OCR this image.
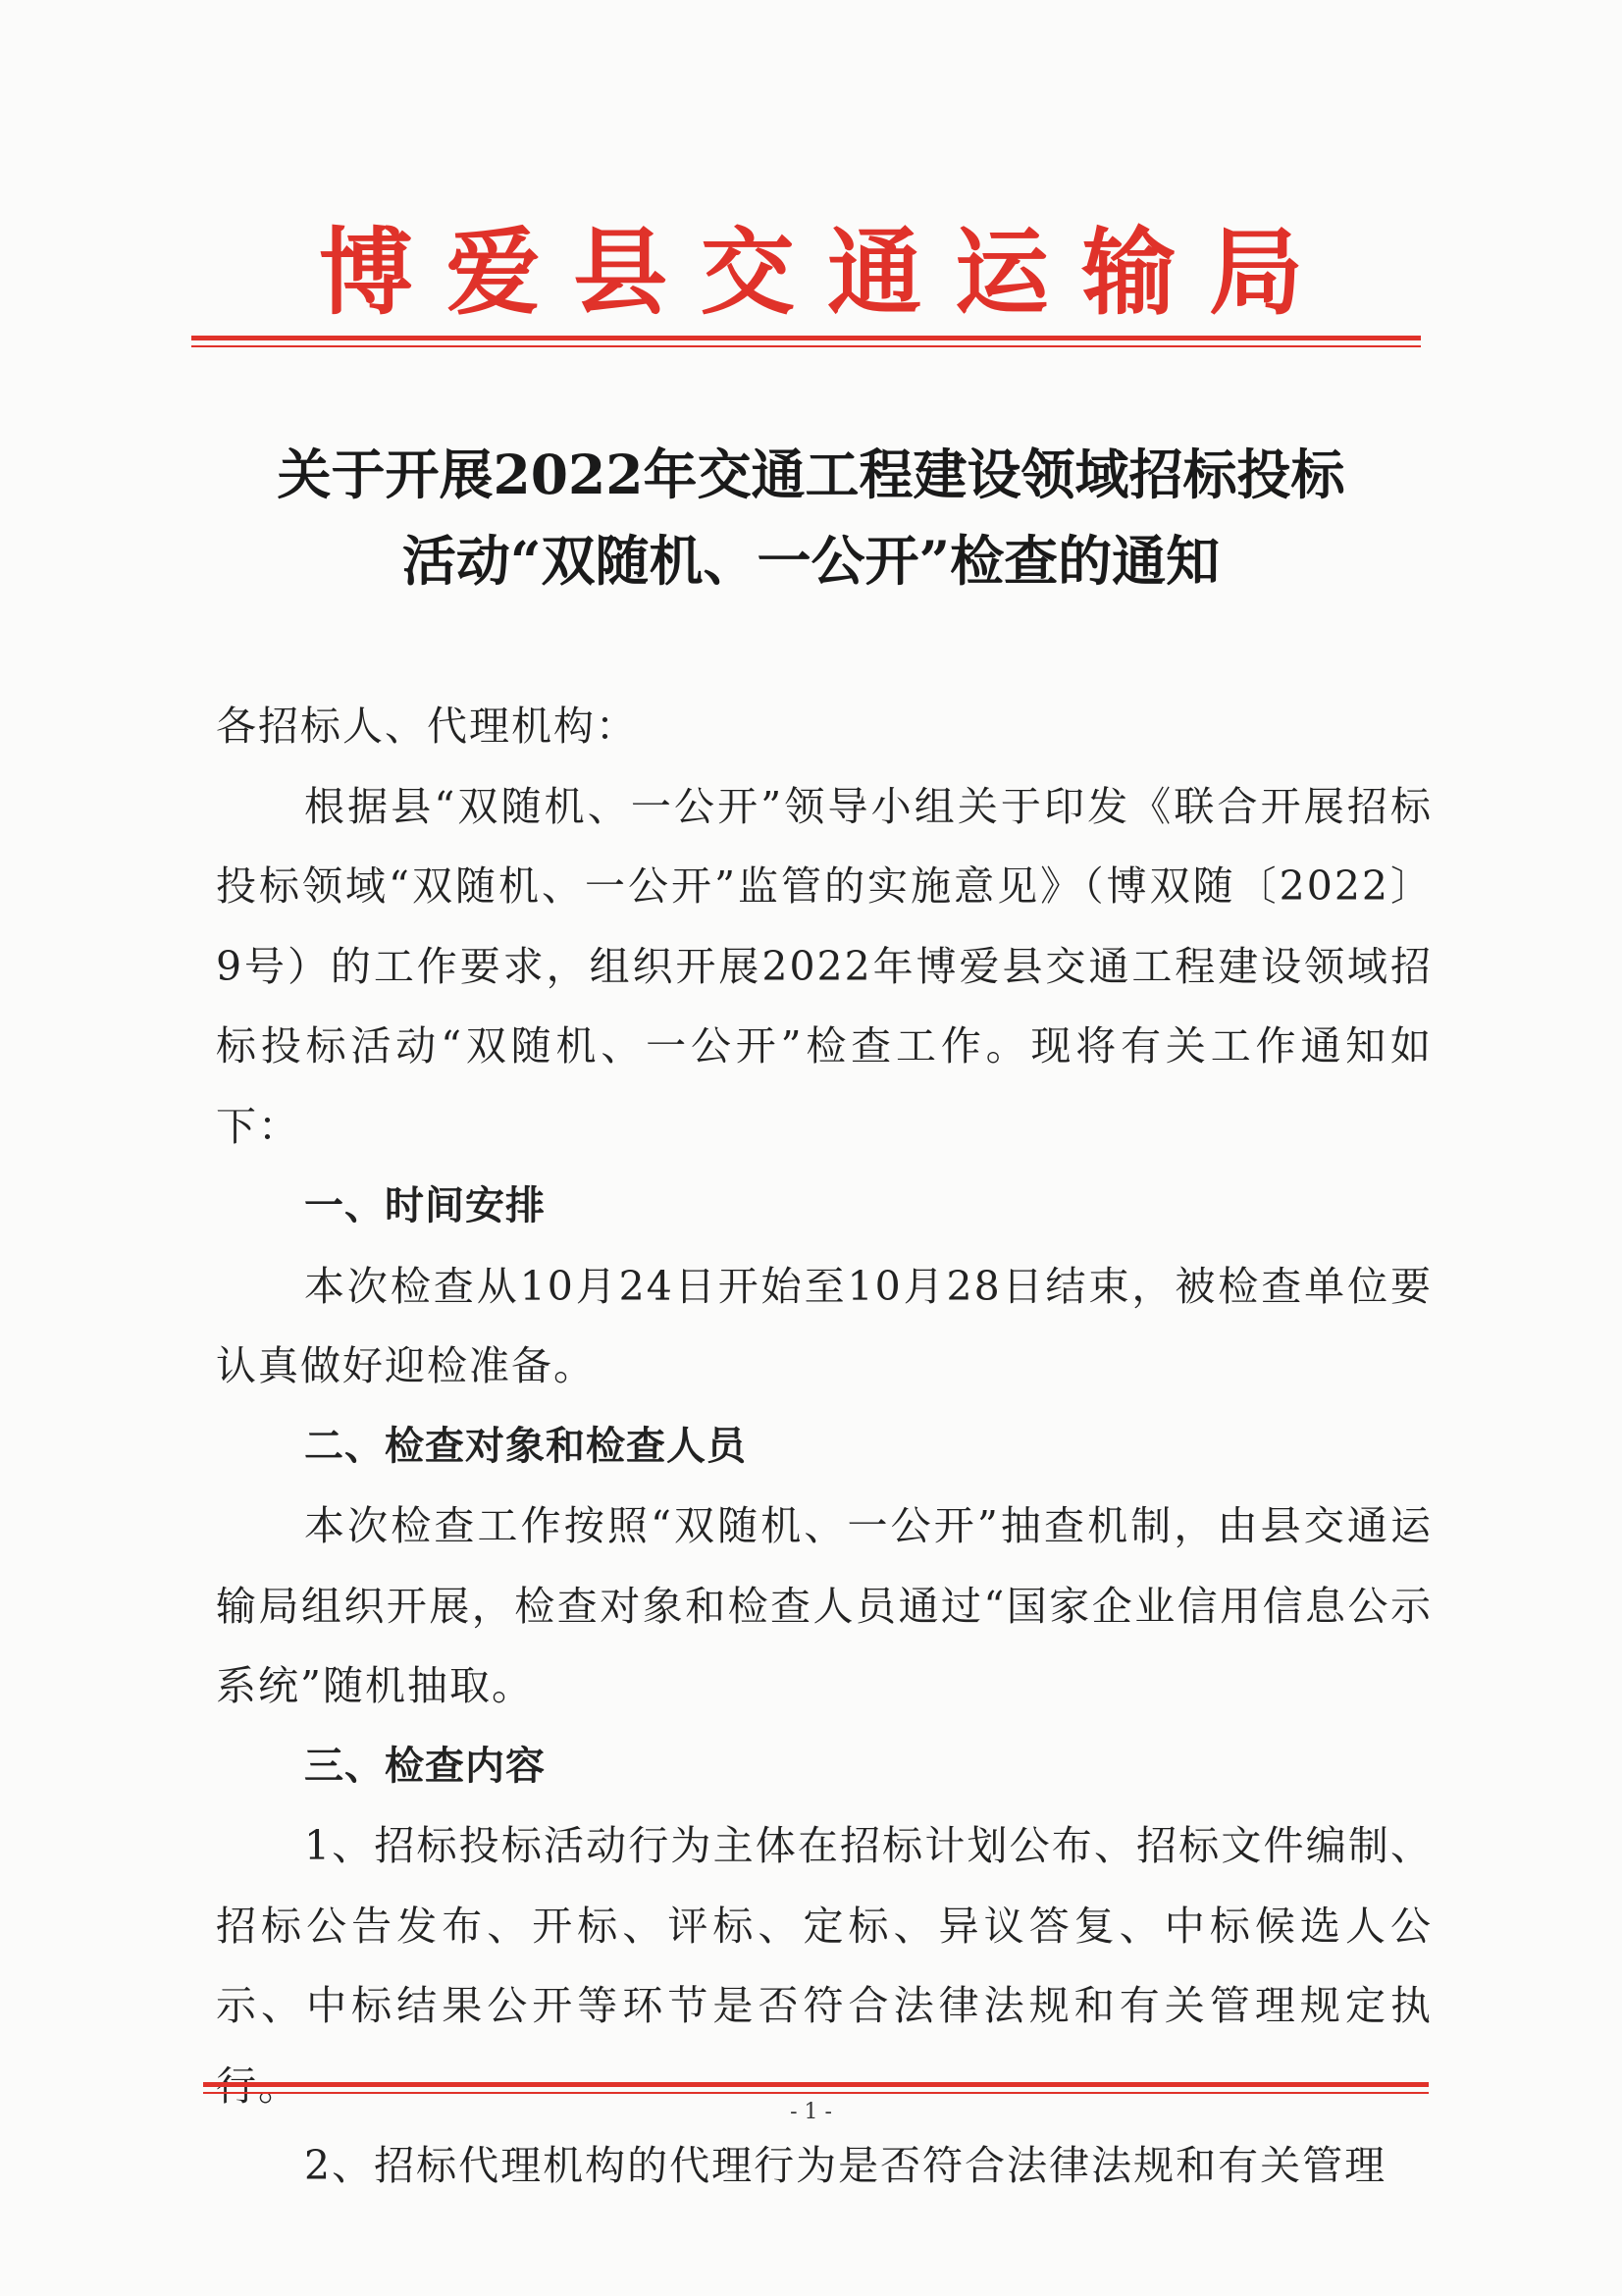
博 爱 县 交 通 运 输 局
关于开展2022年交通工程建设领域招标投标
活动“双随机、一公开”检查的通知

各招标人、代理机构：

根据县“双随机、一公开”领导小组关于印发《联合开展招标投标领域“双随机、一公开”监管的实施意见》（博双随〔2022〕9号）的工作要求，组织开展2022年博爱县交通工程建设领域招标投标活动“双随机、一公开”检查工作。现将有关工作通知如下：

一、时间安排

本次检查从10月24日开始至10月28日结束，被检查单位要认真做好迎检准备。

二、检查对象和检查人员

本次检查工作按照“双随机、一公开”抽查机制，由县交通运输局组织开展，检查对象和检查人员通过“国家企业信用信息公示系统”随机抽取。

三、检查内容

1、招标投标活动行为主体在招标计划公布、招标文件编制、招标公告发布、开标、评标、定标、异议答复、中标候选人公示、中标结果公开等环节是否符合法律法规和有关管理规定执

2、招标代理机构的代理行为是否符合法律法规和有关管理

- 1 -
